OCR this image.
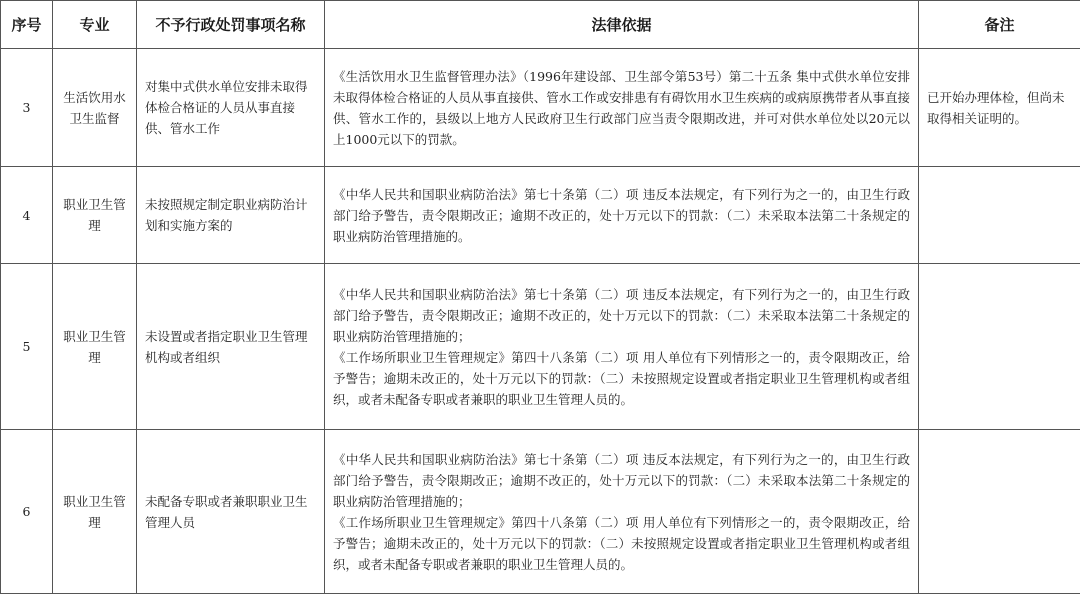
序号	专业	不予行政处罚事项名称	法律依据	备注
3	生活饮用水卫生监督	对集中式供水单位安排未取得体检合格证的人员从事直接供、管水工作	《生活饮用水卫生监督管理办法》（1996年建设部、卫生部令第53号）第二十五条 集中式供水单位安排未取得体检合格证的人员从事直接供、管水工作或安排患有有碍饮用水卫生疾病的或病原携带者从事直接供、管水工作的，县级以上地方人民政府卫生行政部门应当责令限期改进，并可对供水单位处以20元以上1000元以下的罚款。	已开始办理体检，但尚未取得相关证明的。
4	职业卫生管理	未按照规定制定职业病防治计划和实施方案的	《中华人民共和国职业病防治法》第七十条第（二）项 违反本法规定，有下列行为之一的，由卫生行政部门给予警告，责令限期改正；逾期不改正的，处十万元以下的罚款：（二）未采取本法第二十条规定的职业病防治管理措施的。	

5	职业卫生管理	未设置或者指定职业卫生管理机构或者组织	《中华人民共和国职业病防治法》第七十条第（二）项 违反本法规定，有下列行为之一的，由卫生行政部门给予警告，责令限期改正；逾期不改正的，处十万元以下的罚款：（二）未采取本法第二十条规定的职业病防治管理措施的；
《工作场所职业卫生管理规定》第四十八条第（二）项 用人单位有下列情形之一的，责令限期改正，给予警告；逾期未改正的，处十万元以下的罚款：（二）未按照规定设置或者指定职业卫生管理机构或者组织，或者未配备专职或者兼职的职业卫生管理人员的。	

6	职业卫生管理	未配备专职或者兼职职业卫生管理人员	《中华人民共和国职业病防治法》第七十条第（二）项 违反本法规定，有下列行为之一的，由卫生行政部门给予警告，责令限期改正；逾期不改正的，处十万元以下的罚款：（二）未采取本法第二十条规定的职业病防治管理措施的；
《工作场所职业卫生管理规定》第四十八条第（二）项 用人单位有下列情形之一的，责令限期改正，给予警告；逾期未改正的，处十万元以下的罚款：（二）未按照规定设置或者指定职业卫生管理机构或者组织，或者未配备专职或者兼职的职业卫生管理人员的。	
